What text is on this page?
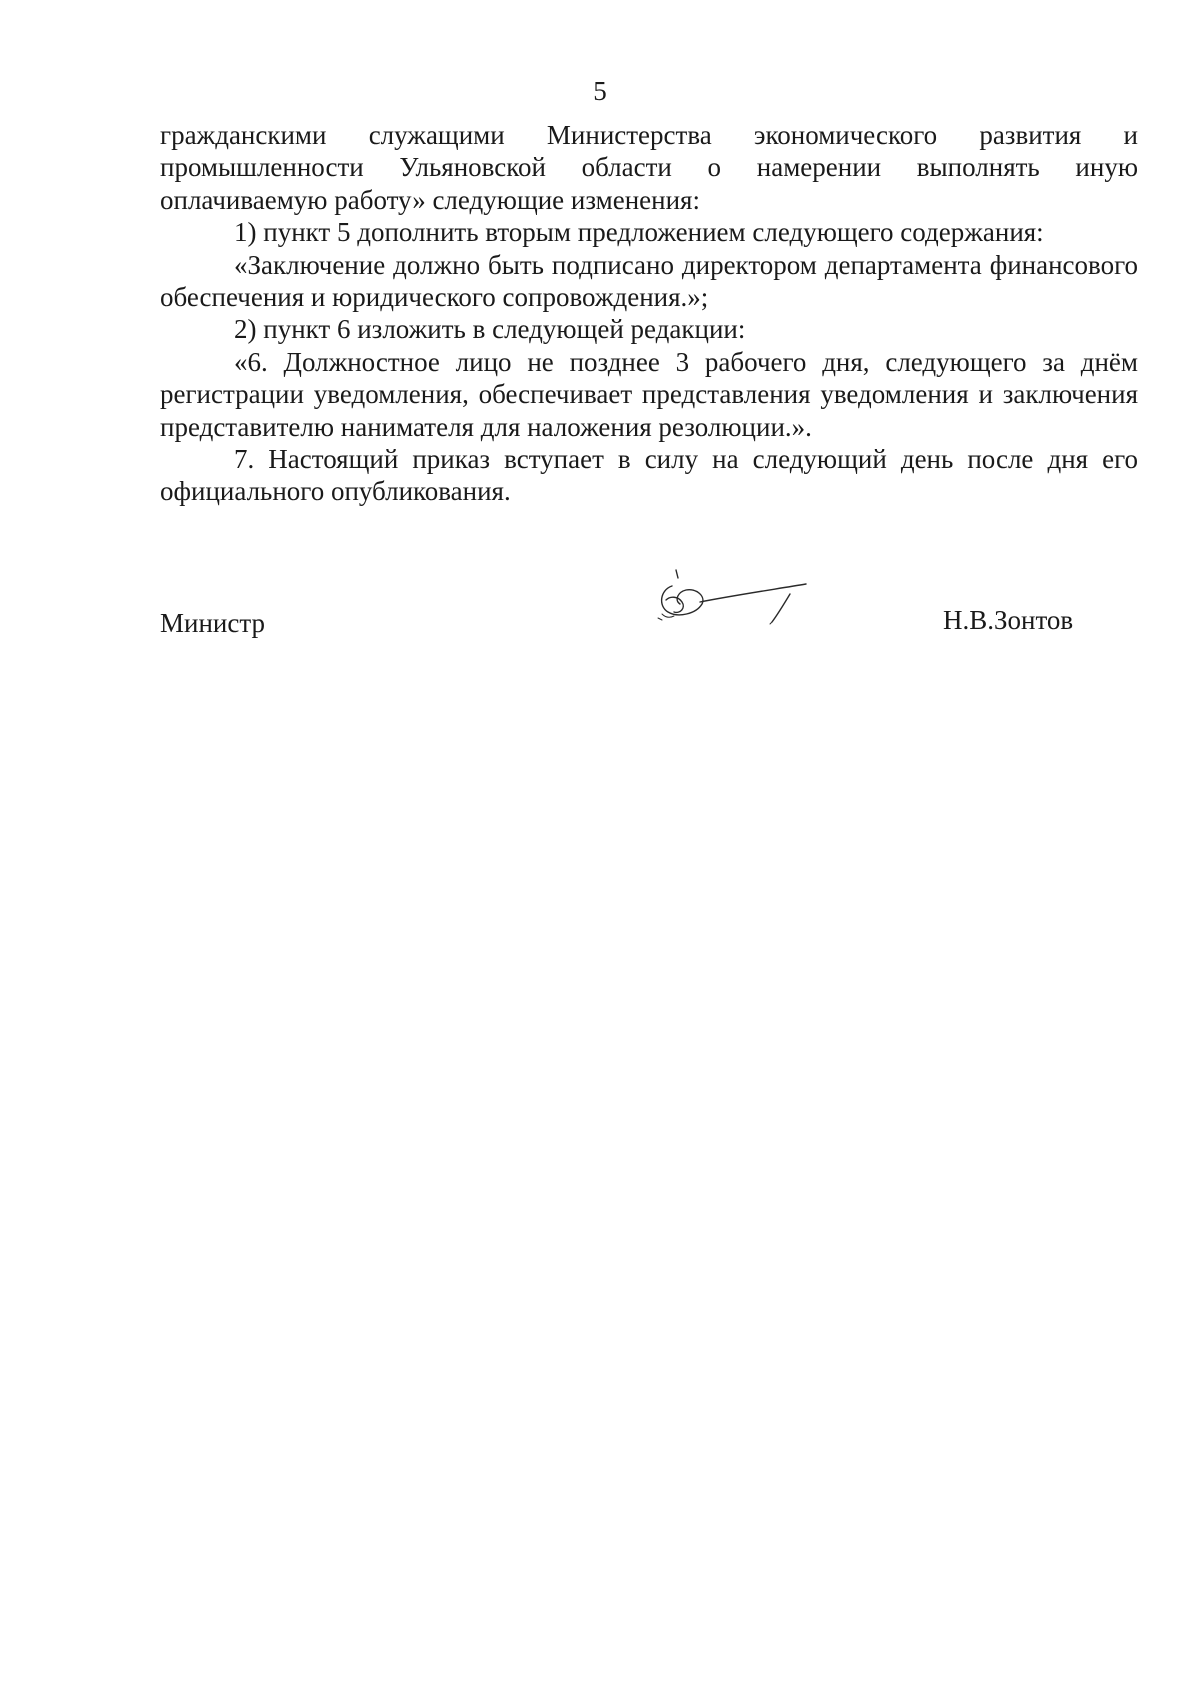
5

гражданскими служащими Министерства экономического развития и промышленности Ульяновской области о намерении выполнять иную оплачиваемую работу» следующие изменения:

1) пункт 5 дополнить вторым предложением следующего содержания:

«Заключение должно быть подписано директором департамента финансового обеспечения и юридического сопровождения.»;

2) пункт 6 изложить в следующей редакции:

«6. Должностное лицо не позднее 3 рабочего дня, следующего за днём регистрации уведомления, обеспечивает представления уведомления и заключения представителю нанимателя для наложения резолюции.».

7. Настоящий приказ вступает в силу на следующий день после дня его официального опубликования.

Министр	Н.В.Зонтов
